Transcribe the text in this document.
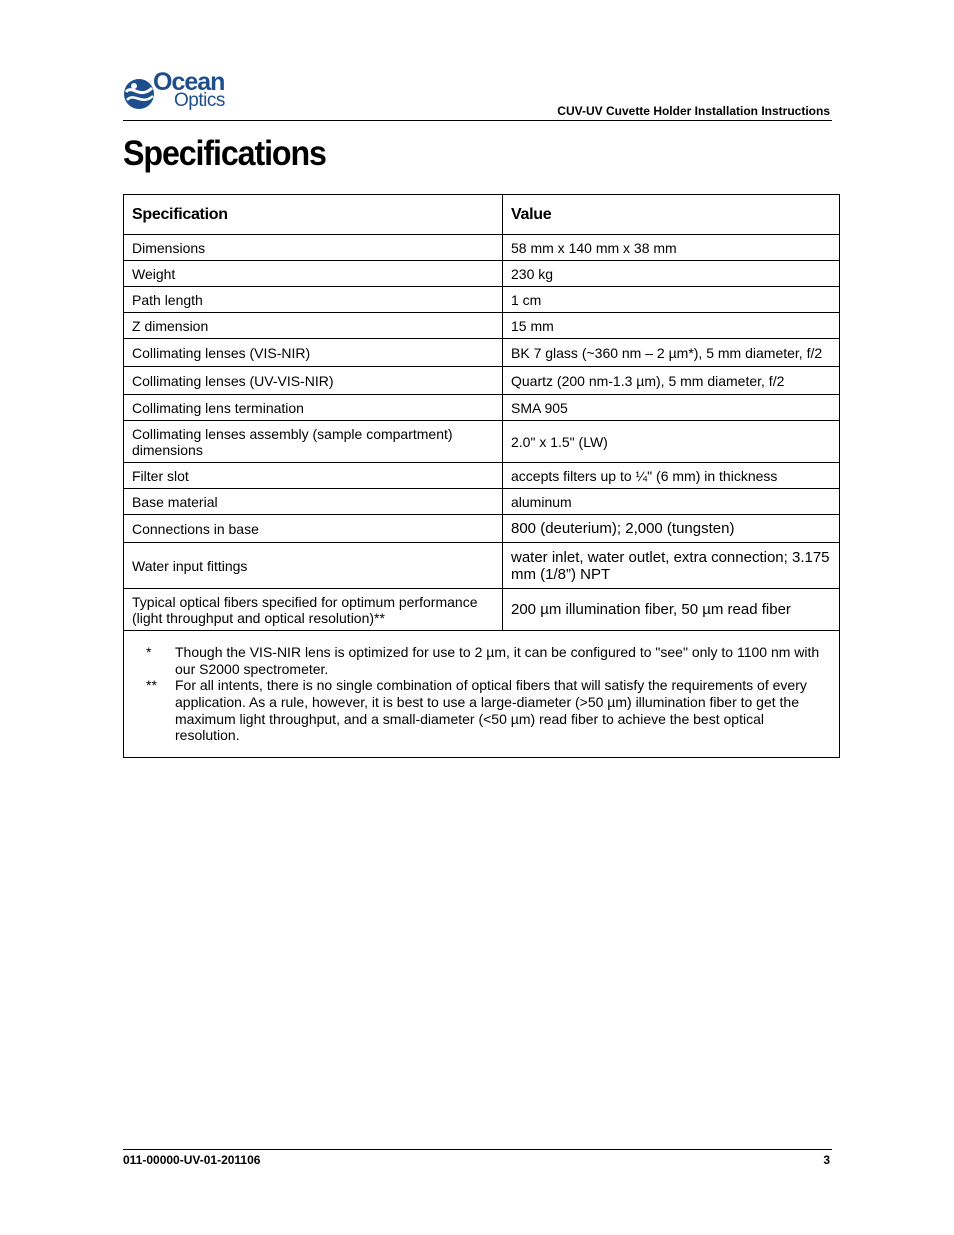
Ocean
Optics	CUV-UV Cuvette Holder Installation Instructions
Specifications
Specification	Value
Dimensions	58 mm x 140 mm x 38 mm
Weight	230 kg
Path length	1 cm
Z dimension	15 mm
Collimating lenses (VIS-NIR)	BK 7 glass (~360 nm – 2 µm*), 5 mm diameter, f/2
Collimating lenses (UV-VIS-NIR)	Quartz (200 nm-1.3 µm), 5 mm diameter, f/2
Collimating lens termination	SMA 905
Collimating lenses assembly (sample compartment) dimensions	2.0" x 1.5" (LW)
Filter slot	accepts filters up to ¼" (6 mm) in thickness
Base material	aluminum
Connections in base	800 (deuterium); 2,000 (tungsten)
Water input fittings	water inlet, water outlet, extra connection; 3.175 mm (1/8”) NPT
Typical optical fibers specified for optimum performance (light throughput and optical resolution)**	200 µm illumination fiber, 50 µm read fiber

* Though the VIS-NIR lens is optimized for use to 2 µm, it can be configured to "see" only to 1100 nm with our S2000 spectrometer.
** For all intents, there is no single combination of optical fibers that will satisfy the requirements of every application. As a rule, however, it is best to use a large-diameter (>50 µm) illumination fiber to get the maximum light throughput, and a small-diameter (<50 µm) read fiber to achieve the best optical resolution.	
011-00000-UV-01-201106	3
